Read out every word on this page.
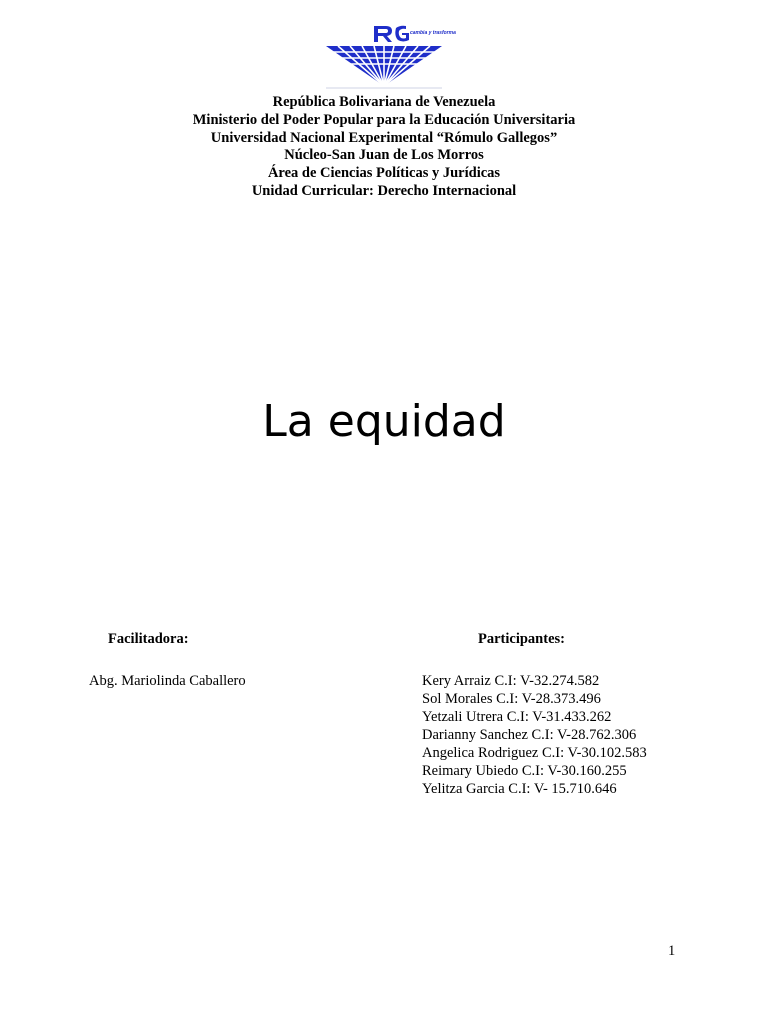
cambia y trasforma
República Bolivariana de Venezuela
Ministerio del Poder Popular para la Educación Universitaria
Universidad Nacional Experimental “Rómulo Gallegos”
Núcleo-San Juan de Los Morros
Área de Ciencias Políticas y Jurídicas
Unidad Curricular: Derecho Internacional
La equidad
Facilitadora:	Participantes:
Abg. Mariolinda Caballero	Kery Arraiz C.I: V-32.274.582
Sol Morales C.I: V-28.373.496
Yetzali Utrera C.I: V-31.433.262
Darianny Sanchez C.I: V-28.762.306
Angelica Rodriguez C.I: V-30.102.583
Reimary Ubiedo C.I: V-30.160.255
Yelitza Garcia C.I: V- 15.710.646
1
